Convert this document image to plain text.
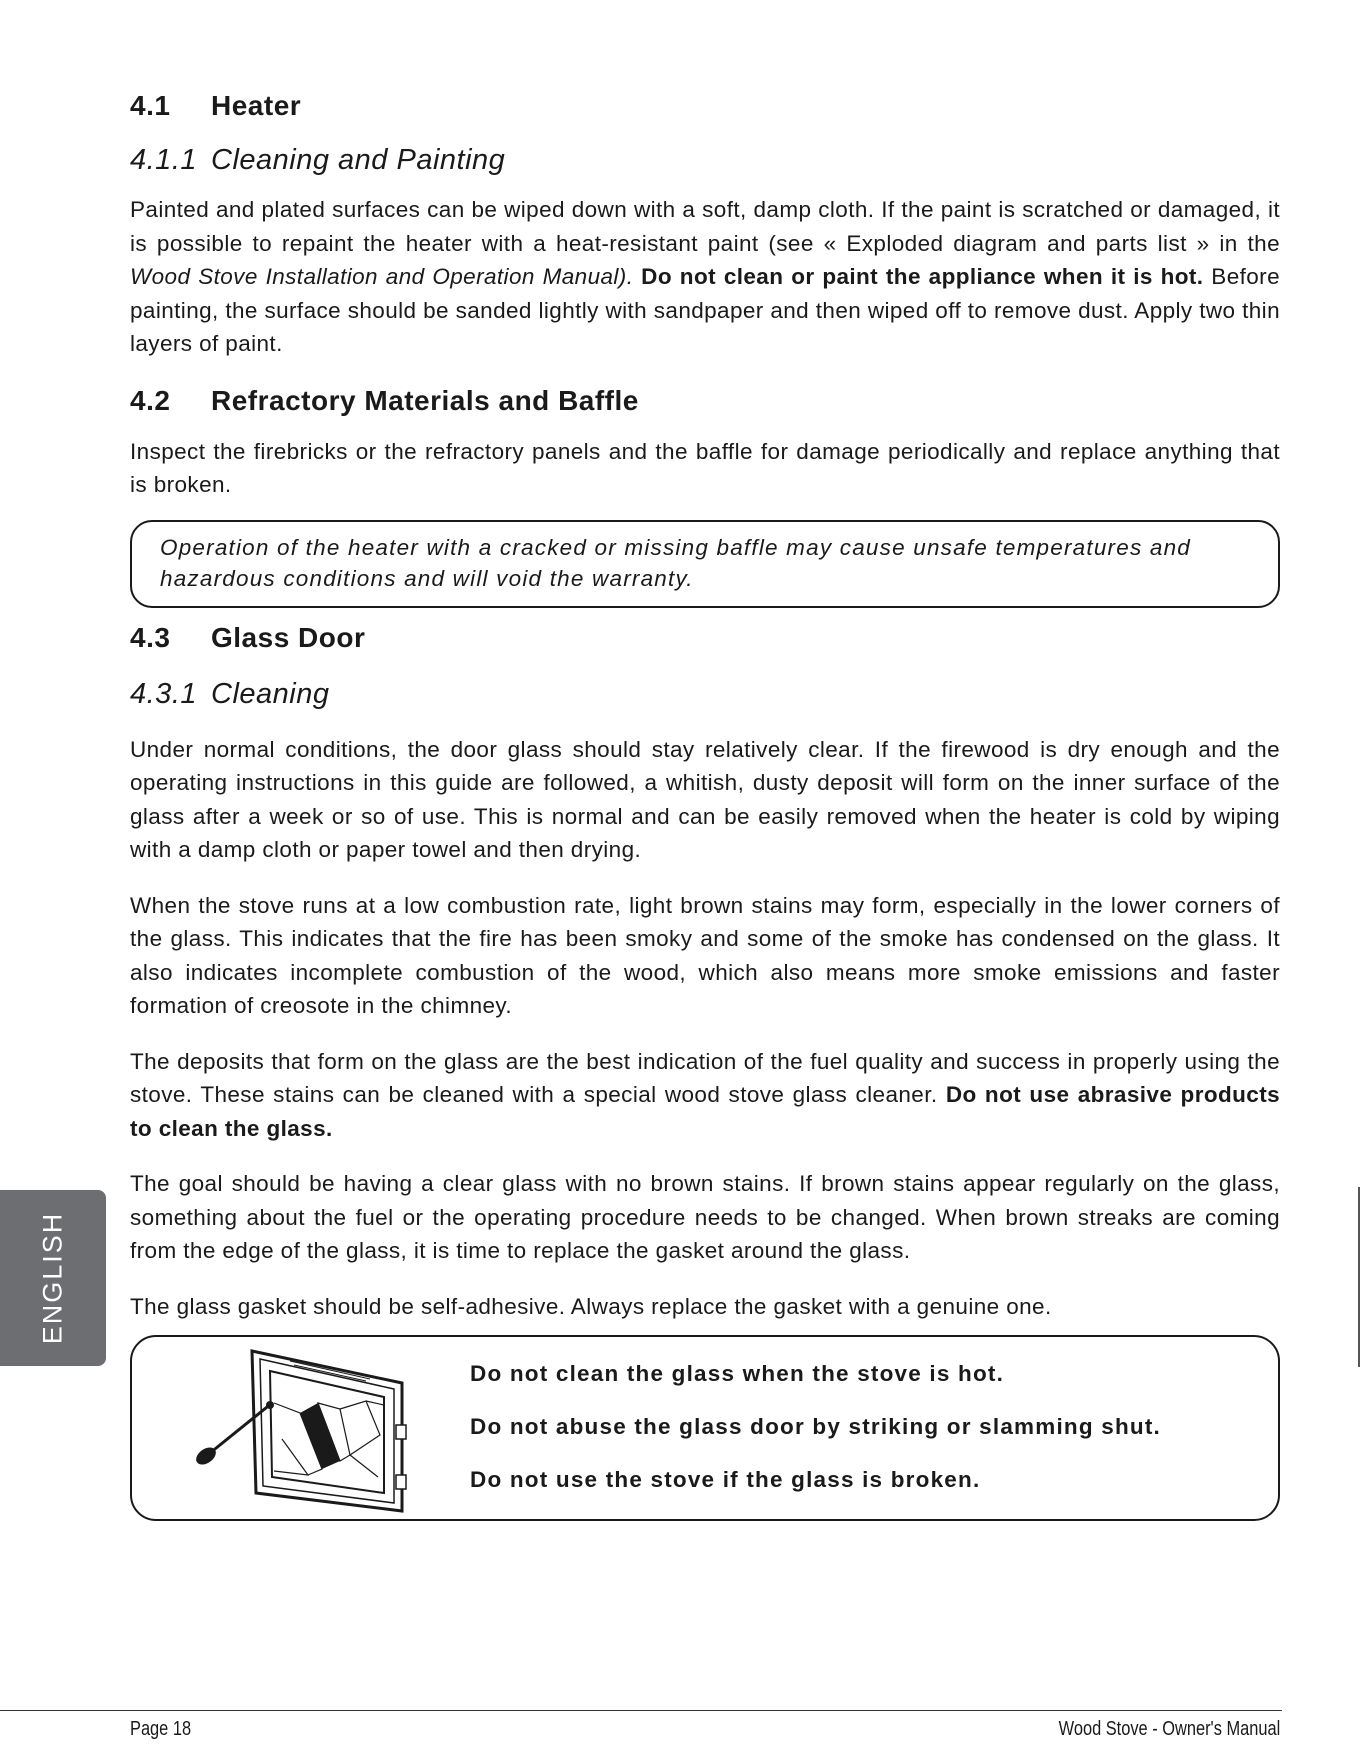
4.1	Heater
4.1.1 Cleaning and Painting

Painted and plated surfaces can be wiped down with a soft, damp cloth. If the paint is scratched or damaged, it is possible to repaint the heater with a heat-resistant paint (see « Exploded diagram and parts list » in the Wood Stove Installation and Operation Manual). Do not clean or paint the appliance when it is hot. Before painting, the surface should be sanded lightly with sandpaper and then wiped off to remove dust. Apply two thin layers of paint.

4.2	Refractory Materials and Baffle

Inspect the firebricks or the refractory panels and the baffle for damage periodically and replace anything that is broken.

Operation of the heater with a cracked or missing baffle may cause unsafe temperatures and hazardous conditions and will void the warranty.

4.3	Glass Door
4.3.1 Cleaning

Under normal conditions, the door glass should stay relatively clear. If the firewood is dry enough and the operating instructions in this guide are followed, a whitish, dusty deposit will form on the inner surface of the glass after a week or so of use. This is normal and can be easily removed when the heater is cold by wiping with a damp cloth or paper towel and then drying.

When the stove runs at a low combustion rate, light brown stains may form, especially in the lower corners of the glass. This indicates that the fire has been smoky and some of the smoke has condensed on the glass. It also indicates incomplete combustion of the wood, which also means more smoke emissions and faster formation of creosote in the chimney.

The deposits that form on the glass are the best indication of the fuel quality and success in properly using the stove. These stains can be cleaned with a special wood stove glass cleaner. Do not use abrasive products to clean the glass.

The goal should be having a clear glass with no brown stains. If brown stains appear regularly on the glass, something about the fuel or the operating procedure needs to be changed. When brown streaks are coming from the edge of the glass, it is time to replace the gasket around the glass.

The glass gasket should be self-adhesive. Always replace the gasket with a genuine one.

Do not clean the glass when the stove is hot.
Do not abuse the glass door by striking or slamming shut.
Do not use the stove if the glass is broken.
ENGLISH
Page 18	Wood Stove - Owner's Manual
